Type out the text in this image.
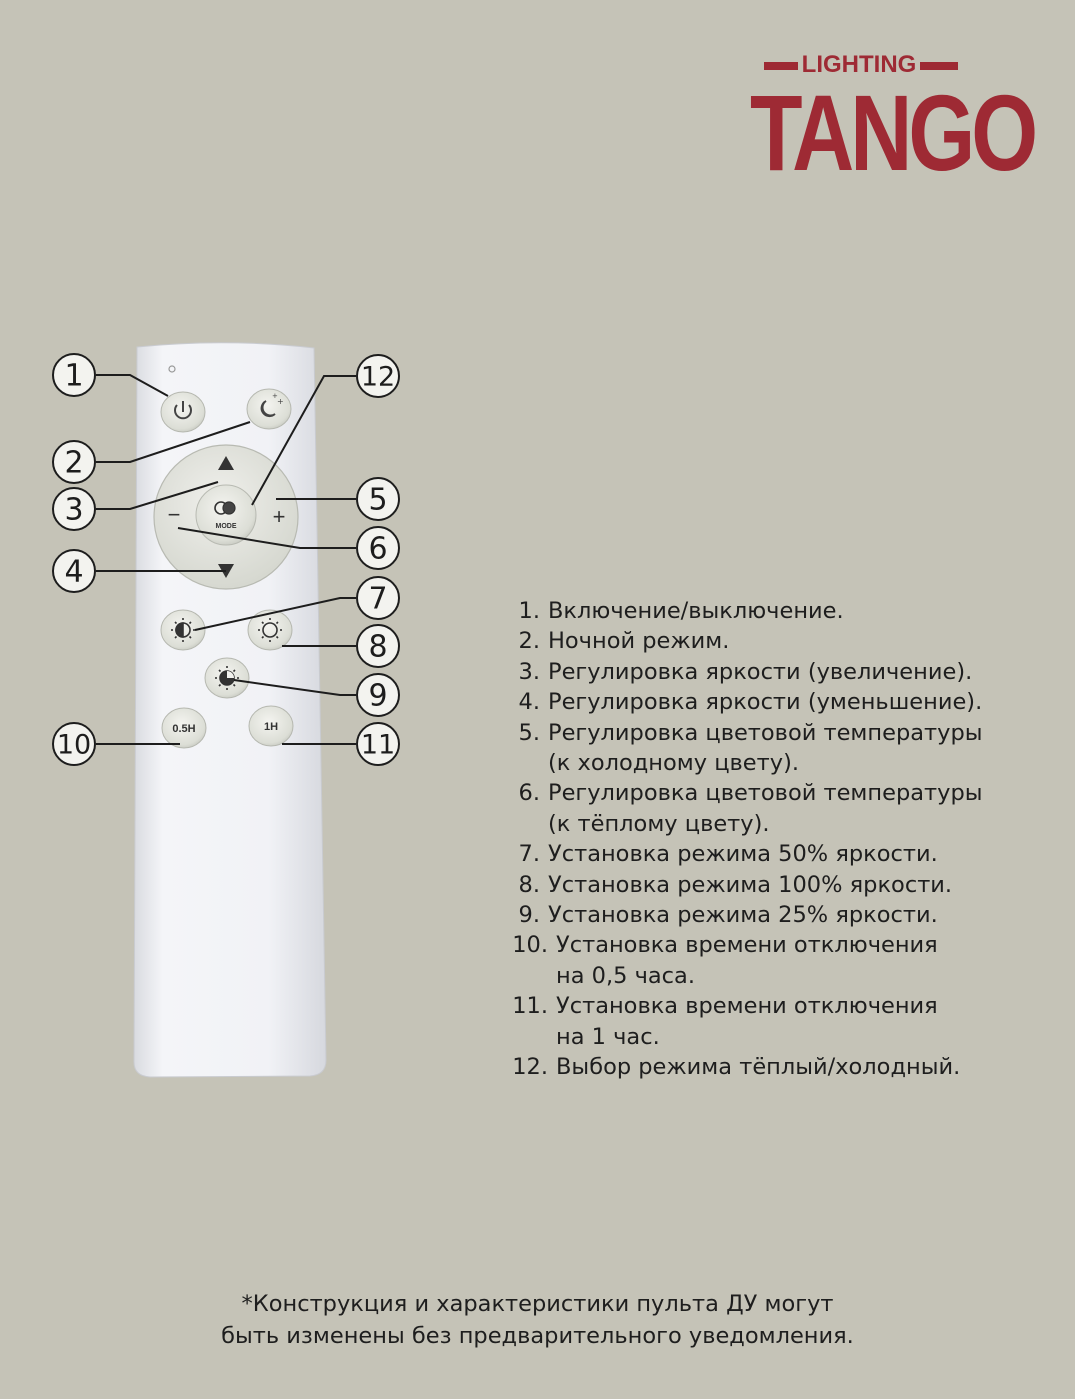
LIGHTING
TANGO
+
+
+
−	MODE
0.5H	1H
1
2
3
4
5
6
7
8
9
10	11
12
1. Включение/выключение.
2. Ночной режим.
3. Регулировка яркости (увеличение).
4. Регулировка яркости (уменьшение).
5. Регулировка цветовой температуры
(к холодному цвету).
6. Регулировка цветовой температуры
(к тёплому цвету).
7. Установка режима 50% яркости.
8. Установка режима 100% яркости.
9. Установка режима 25% яркости.
10. Установка времени отключения
на 0,5 часа.
11. Установка времени отключения
на 1 час.
12. Выбор режима тёплый/холодный.
*Конструкция и характеристики пульта ДУ могут
быть изменены без предварительного уведомления.
